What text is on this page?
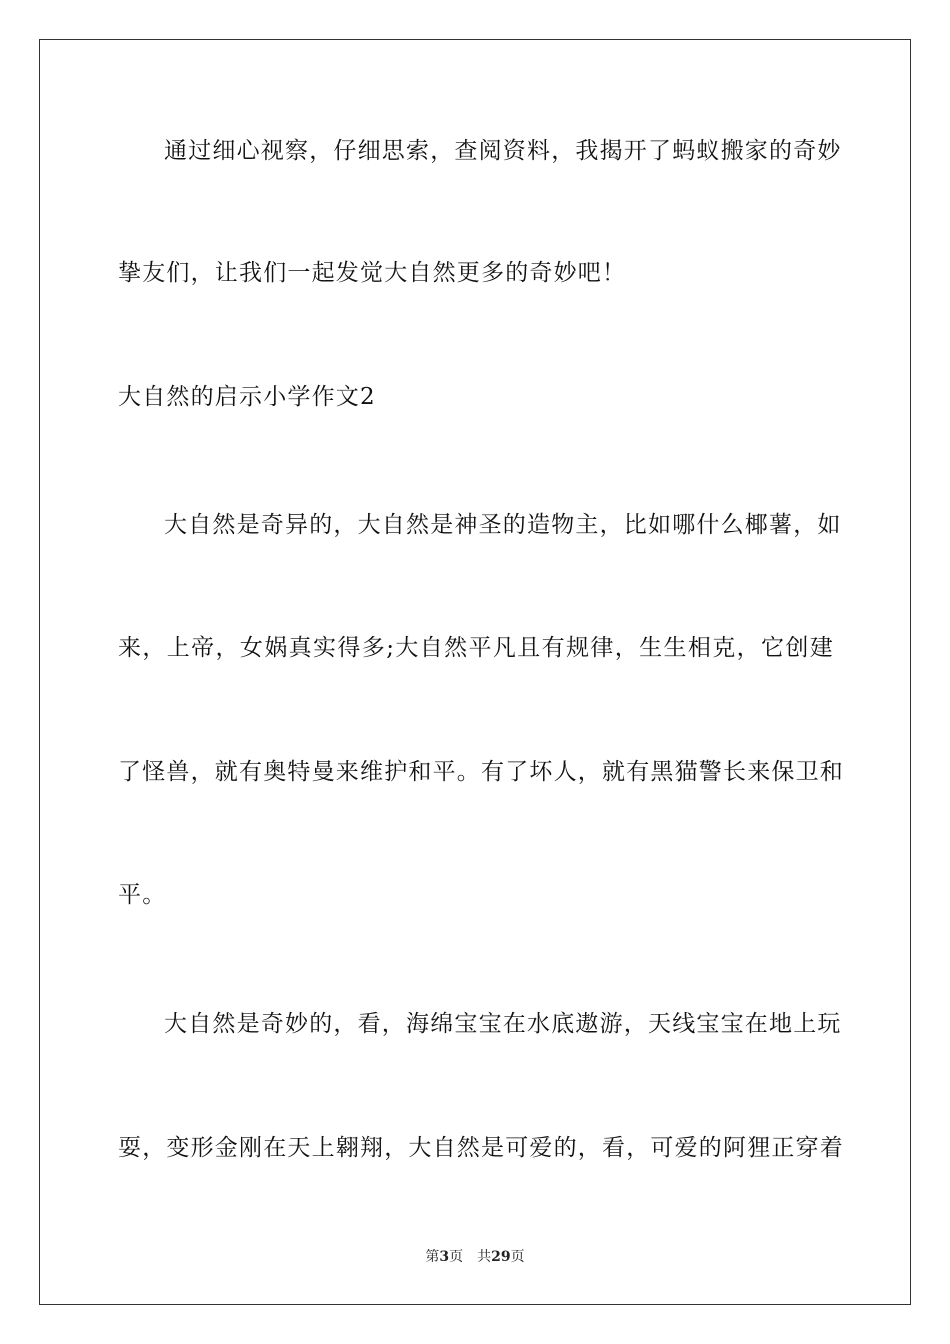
通过细心视察，仔细思索，查阅资料，我揭开了蚂蚁搬家的奇妙

挚友们，让我们一起发觉大自然更多的奇妙吧！

大自然的启示小学作文2

大自然是奇异的，大自然是神圣的造物主，比如哪什么椰薯，如

来，上帝，女娲真实得多;大自然平凡且有规律，生生相克，它创建

了怪兽，就有奥特曼来维护和平。有了坏人，就有黑猫警长来保卫和

平。

大自然是奇妙的，看，海绵宝宝在水底遨游，天线宝宝在地上玩

耍，变形金刚在天上翱翔，大自然是可爱的，看，可爱的阿狸正穿着

第3页 共29页
